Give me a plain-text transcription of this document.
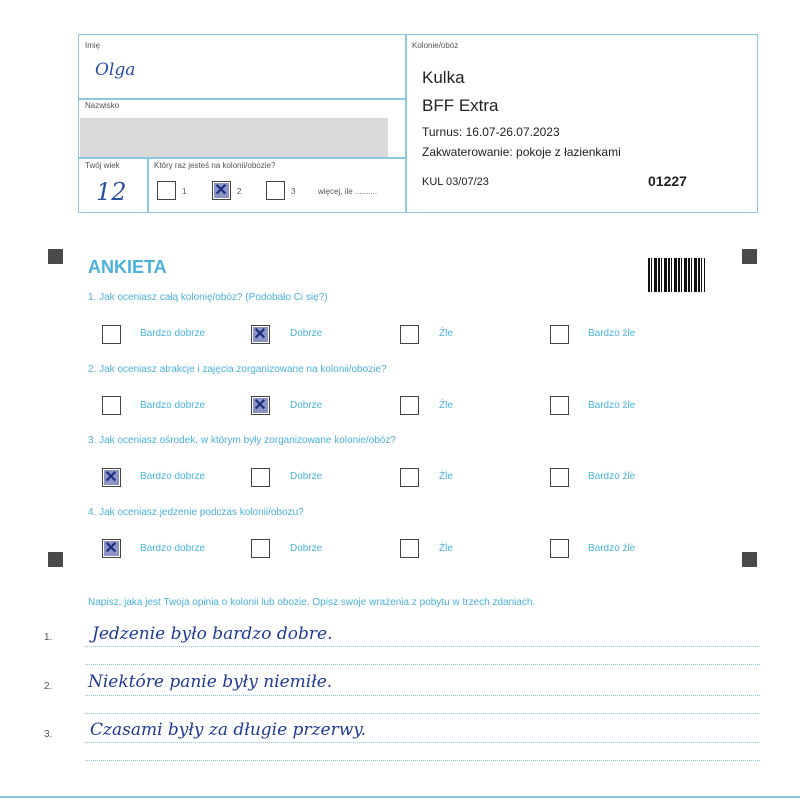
Imię
Olga
Nazwisko
Twój wiek
12
Który raz jesteś na kolonii/obozie?
1 ✕	2	3	więcej, ile ..........
Kolonie/obóz
Kulka
BFF Extra
Turnus: 16.07-26.07.2023
Zakwaterowanie: pokoje z łazienkami
KUL 03/07/23	01227
ANKIETA
1. Jak oceniasz całą kolonię/obóz? (Podobało Ci się?)
Bardzo dobrze ✕	Dobrze	Źle	Bardzo źle
2. Jak oceniasz atrakcje i zajęcia zorganizowane na kolonii/obozie?
Bardzo dobrze ✕	Dobrze	Źle	Bardzo źle
3. Jak oceniasz ośrodek, w którym były zorganizowane kolonie/obóz?
✕
Bardzo dobrze	Dobrze	Źle	Bardzo źle
4. Jak oceniasz jedzenie podczas kolonii/obozu?
✕
Bardzo dobrze	Dobrze	Źle	Bardzo źle
Napisz, jaka jest Twoja opinia o kolonii lub obozie. Opisz swoje wrażenia z pobytu w trzech zdaniach.
1. Jedzenie było bardzo dobre.
2. Niektóre panie były niemiłe.
3. Czasami były za długie przerwy.
